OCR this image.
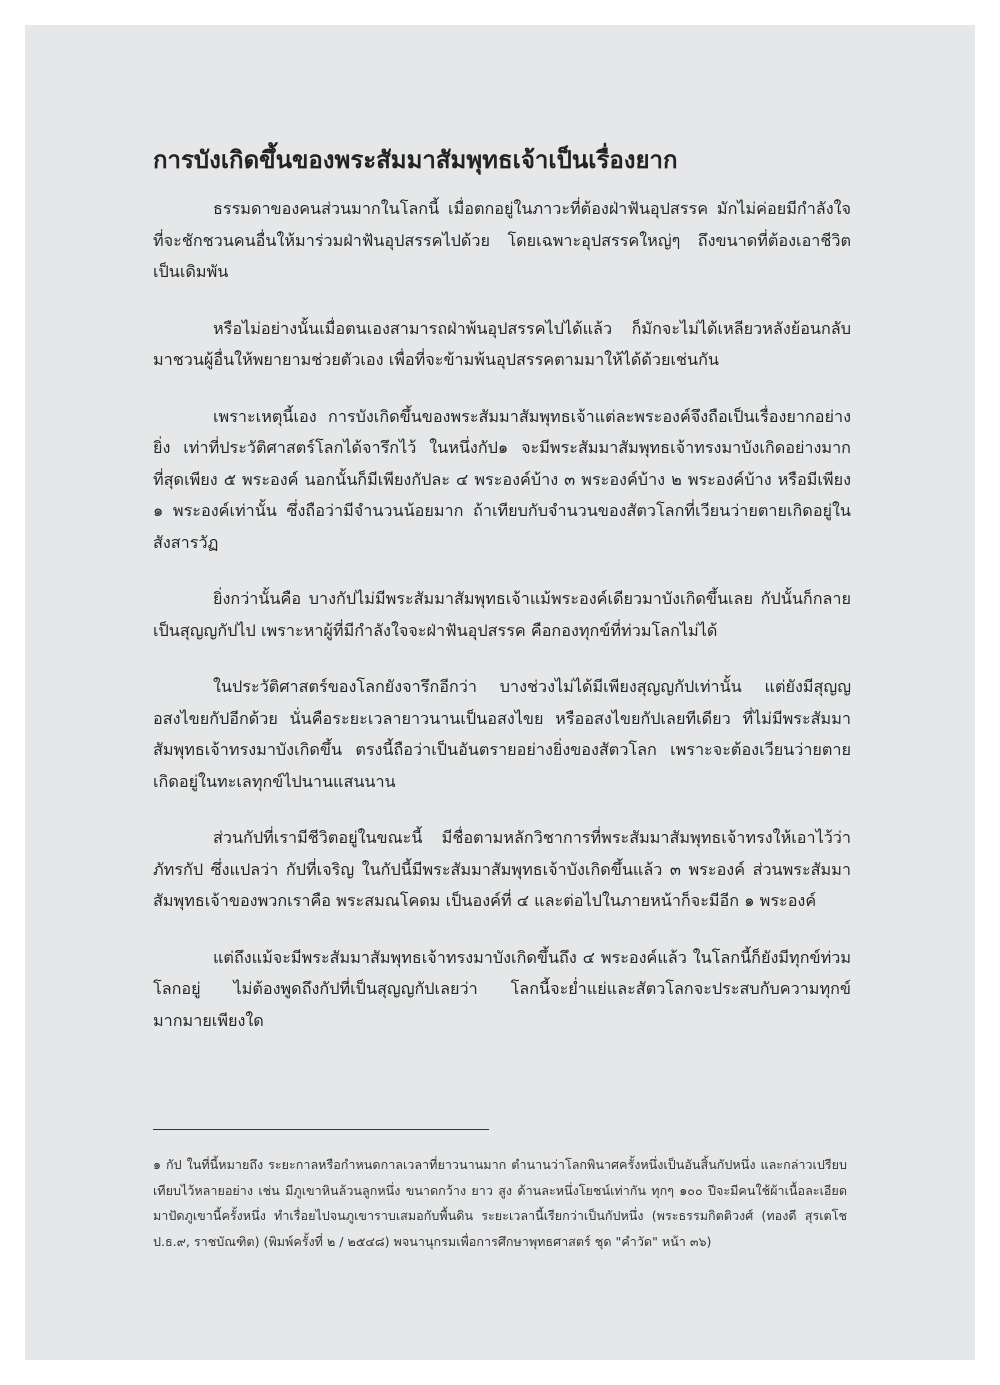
การบังเกิดขึ้นของพระสัมมาสัมพุทธเจ้าเป็นเรื่องยาก

ธรรมดาของคนส่วนมากในโลกนี้ เมื่อตกอยู่ในภาวะที่ต้องฝ่าฟันอุปสรรค มักไม่ค่อยมีกำลังใจที่จะชักชวนคนอื่นให้มาร่วมฝ่าฟันอุปสรรคไปด้วย โดยเฉพาะอุปสรรคใหญ่ๆ ถึงขนาดที่ต้องเอาชีวิตเป็นเดิมพัน

หรือไม่อย่างนั้นเมื่อตนเองสามารถฝ่าพ้นอุปสรรคไปได้แล้ว ก็มักจะไม่ได้เหลียวหลังย้อนกลับมาชวนผู้อื่นให้พยายามช่วยตัวเอง เพื่อที่จะข้ามพ้นอุปสรรคตามมาให้ได้ด้วยเช่นกัน

เพราะเหตุนี้เอง การบังเกิดขึ้นของพระสัมมาสัมพุทธเจ้าแต่ละพระองค์จึงถือเป็นเรื่องยากอย่างยิ่ง เท่าที่ประวัติศาสตร์โลกได้จารึกไว้ ในหนึ่งกัป๑ จะมีพระสัมมาสัมพุทธเจ้าทรงมาบังเกิดอย่างมากที่สุดเพียง ๕ พระองค์ นอกนั้นก็มีเพียงกัปละ ๔ พระองค์บ้าง ๓ พระองค์บ้าง ๒ พระองค์บ้าง หรือมีเพียง ๑ พระองค์เท่านั้น ซึ่งถือว่ามีจำนวนน้อยมาก ถ้าเทียบกับจำนวนของสัตวโลกที่เวียนว่ายตายเกิดอยู่ในสังสารวัฏ

ยิ่งกว่านั้นคือ บางกัปไม่มีพระสัมมาสัมพุทธเจ้าแม้พระองค์เดียวมาบังเกิดขึ้นเลย กัปนั้นก็กลายเป็นสุญญกัปไป เพราะหาผู้ที่มีกำลังใจจะฝ่าฟันอุปสรรค คือกองทุกข์ที่ท่วมโลกไม่ได้

ในประวัติศาสตร์ของโลกยังจารึกอีกว่า บางช่วงไม่ได้มีเพียงสุญญกัปเท่านั้น แต่ยังมีสุญญอสงไขยกัปอีกด้วย นั่นคือระยะเวลายาวนานเป็นอสงไขย หรืออสงไขยกัปเลยทีเดียว ที่ไม่มีพระสัมมาสัมพุทธเจ้าทรงมาบังเกิดขึ้น ตรงนี้ถือว่าเป็นอันตรายอย่างยิ่งของสัตวโลก เพราะจะต้องเวียนว่ายตายเกิดอยู่ในทะเลทุกข์ไปนานแสนนาน

ส่วนกัปที่เรามีชีวิตอยู่ในขณะนี้ มีชื่อตามหลักวิชาการที่พระสัมมาสัมพุทธเจ้าทรงให้เอาไว้ว่า ภัทรกัป ซึ่งแปลว่า กัปที่เจริญ ในกัปนี้มีพระสัมมาสัมพุทธเจ้าบังเกิดขึ้นแล้ว ๓ พระองค์ ส่วนพระสัมมาสัมพุทธเจ้าของพวกเราคือ พระสมณโคดม เป็นองค์ที่ ๔ และต่อไปในภายหน้าก็จะมีอีก ๑ พระองค์

แต่ถึงแม้จะมีพระสัมมาสัมพุทธเจ้าทรงมาบังเกิดขึ้นถึง ๔ พระองค์แล้ว ในโลกนี้ก็ยังมีทุกข์ท่วมโลกอยู่ ไม่ต้องพูดถึงกัปที่เป็นสุญญกัปเลยว่า โลกนี้จะย่ำแย่และสัตวโลกจะประสบกับความทุกข์มากมายเพียงใด

๑ กัป ในที่นี้หมายถึง ระยะกาลหรือกำหนดกาลเวลาที่ยาวนานมาก ตำนานว่าโลกพินาศครั้งหนึ่งเป็นอันสิ้นกัปหนึ่ง และกล่าวเปรียบเทียบไว้หลายอย่าง เช่น มีภูเขาหินล้วนลูกหนึ่ง ขนาดกว้าง ยาว สูง ด้านละหนึ่งโยชน์เท่ากัน ทุกๆ ๑๐๐ ปีจะมีคนใช้ผ้าเนื้อละเอียดมาปัดภูเขานี้ครั้งหนึ่ง ทำเรื่อยไปจนภูเขาราบเสมอกับพื้นดิน ระยะเวลานี้เรียกว่าเป็นกัปหนึ่ง (พระธรรมกิตติวงศ์ (ทองดี สุรเตโช ป.ธ.๙, ราชบัณฑิต) (พิมพ์ครั้งที่ ๒ / ๒๕๔๘) พจนานุกรมเพื่อการศึกษาพุทธศาสตร์ ชุด "คำวัด" หน้า ๓๖)
